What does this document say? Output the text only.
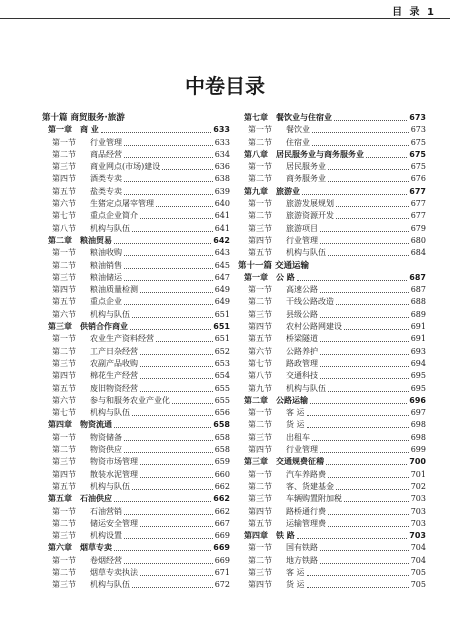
目 录 1
中卷目录
第十篇 商贸服务·旅游
第一章 商 业	633
第一节	行业管理	633
第二节	商品经营	634
第三节	商业网点(市场)建设	636
第四节	酒类专卖	638
第五节	盐类专卖	639
第六节	生猪定点屠宰管理	640
第七节	重点企业简介	641
第八节	机构与队伍	641
第二章 粮油贸易	642
第一节	粮油收购	643
第二节	粮油销售	645
第三节	粮油储运	647
第四节	粮油质量检测	649
第五节	重点企业	649
第六节	机构与队伍	651
第三章 供销合作商业	651
第一节	农业生产资料经营	651
第二节	工产日杂经营	652
第三节	农副产品收购	653
第四节	棉花生产经营	654
第五节	废旧物资经营	655
第六节	参与和服务农业产业化	655
第七节	机构与队伍	656
第四章 物资流通	658
第一节	物资储备	658
第二节	物资供应	658
第三节	物资市场管理	659
第四节	散装水泥管理	660
第五节	机构与队伍	662
第五章 石油供应	662
第一节	石油营销	662
第二节	储运安全管理	667
第三节	机构设置	669
第六章 烟草专卖	669
第一节	卷烟经营	669
第二节	烟草专卖执法	671
第三节	机构与队伍	672
第七章 餐饮业与住宿业	673
第一节	餐饮业	673
第二节	住宿业	675
第八章 居民服务业与商务服务业	675
第一节	居民服务业	675
第二节	商务服务业	676
第九章 旅游业	677
第一节	旅游发展规划	677
第二节	旅游资源开发	677
第三节	旅游项目	679
第四节	行业管理	680
第五节	机构与队伍	684
第十一篇 交通运输
第一章 公 路	687
第一节	高速公路	687
第二节	干线公路改造	688
第三节	县级公路	689
第四节	农村公路网建设	691
第五节	桥梁隧道	691
第六节	公路养护	693
第七节	路政管理	694
第八节	交通科技	695
第九节	机构与队伍	695
第二章 公路运输	696
第一节	客 运	697
第二节	货 运	698
第三节	出租车	698
第四节	行业管理	699
第三章 交通规费征稽	700
第一节	汽车养路费	701
第二节	客、货建基金	702
第三节	车辆购置附加税	703
第四节	路桥通行费	703
第五节	运输管理费	703
第四章 铁 路	703
第一节	国有铁路	704
第二节	地方铁路	704
第三节	客 运	705
第四节	货 运	705
